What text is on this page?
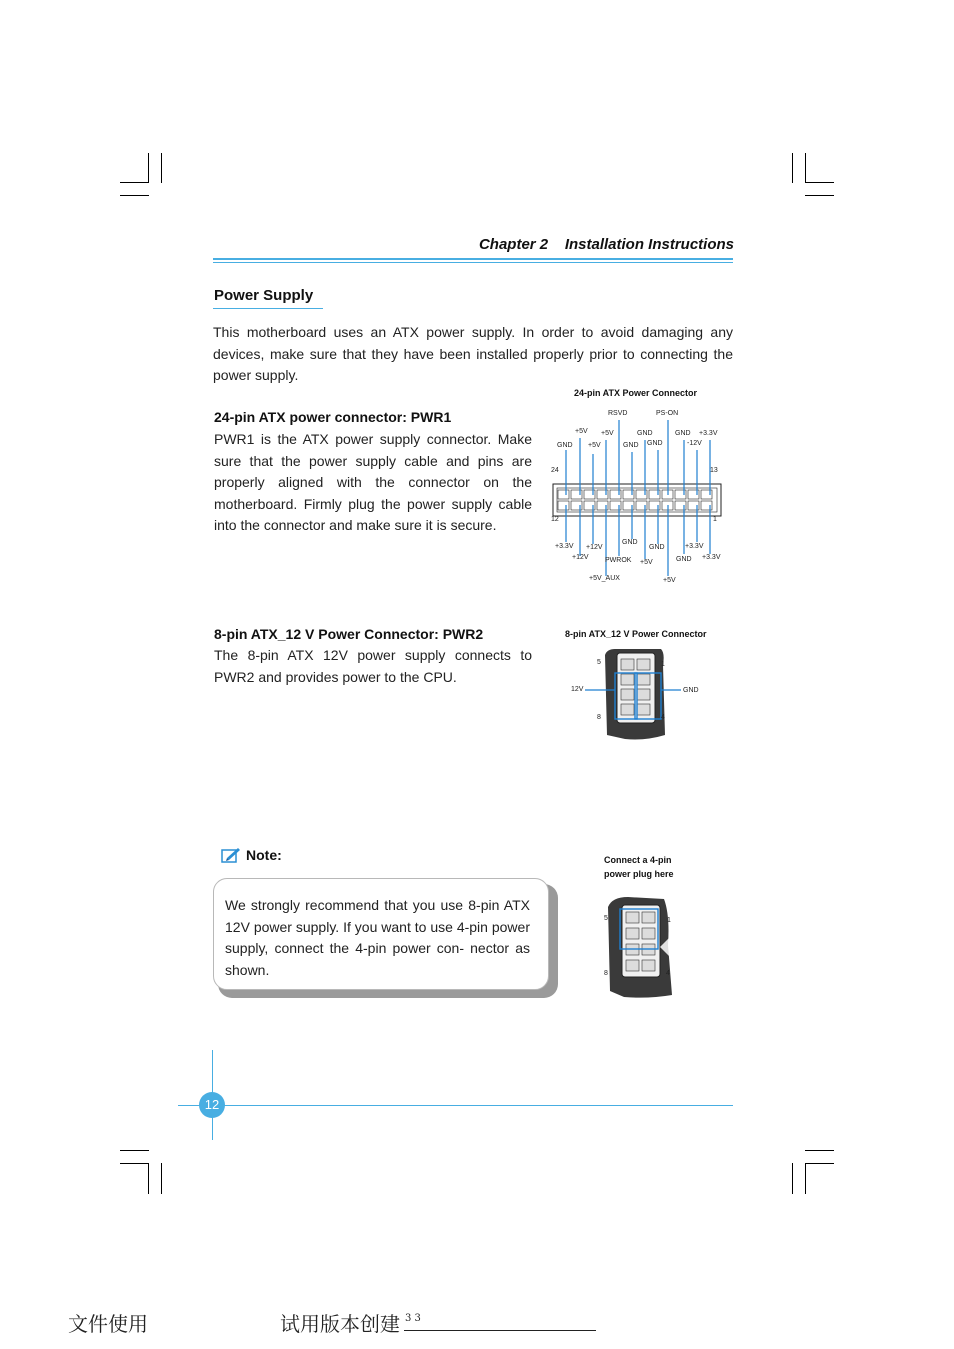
Chapter 2 Installation Instructions
Power Supply
This motherboard uses an ATX power supply. In order to avoid damaging any devices, make sure that they have been installed properly prior to connecting the power supply.
24-pin ATX power connector: PWR1
PWR1 is the ATX power supply connector. Make sure that the power supply cable and pins are properly aligned with the connector on the motherboard. Firmly plug the power supply cable into the connector and make sure it is secure.
24-pin ATX Power Connector
24	13
12	1
RSVD	PS-ON
+5V +5V	GND	GND +3.3V
GND +5V	GND GND	-12V
+3.3V +12V
GND
GND	+3.3V
+12V PWROK +5V	GND +3.3V
+5V_AUX	+5V
8-pin ATX_12 V Power Connector: PWR2
The 8-pin ATX 12V power supply connects to PWR2 and provides power to the CPU.
8-pin ATX_12 V Power Connector
5	1
8	4
12V	GND
Note:
We strongly recommend that you use 8-pin ATX 12V power supply. If you want to use 4-pin power supply, connect the 4-pin power con- nector as shown.
Connect a 4-pin
power plug here
5	1
8	4
12
文件使用	试用版本创建 3 3
